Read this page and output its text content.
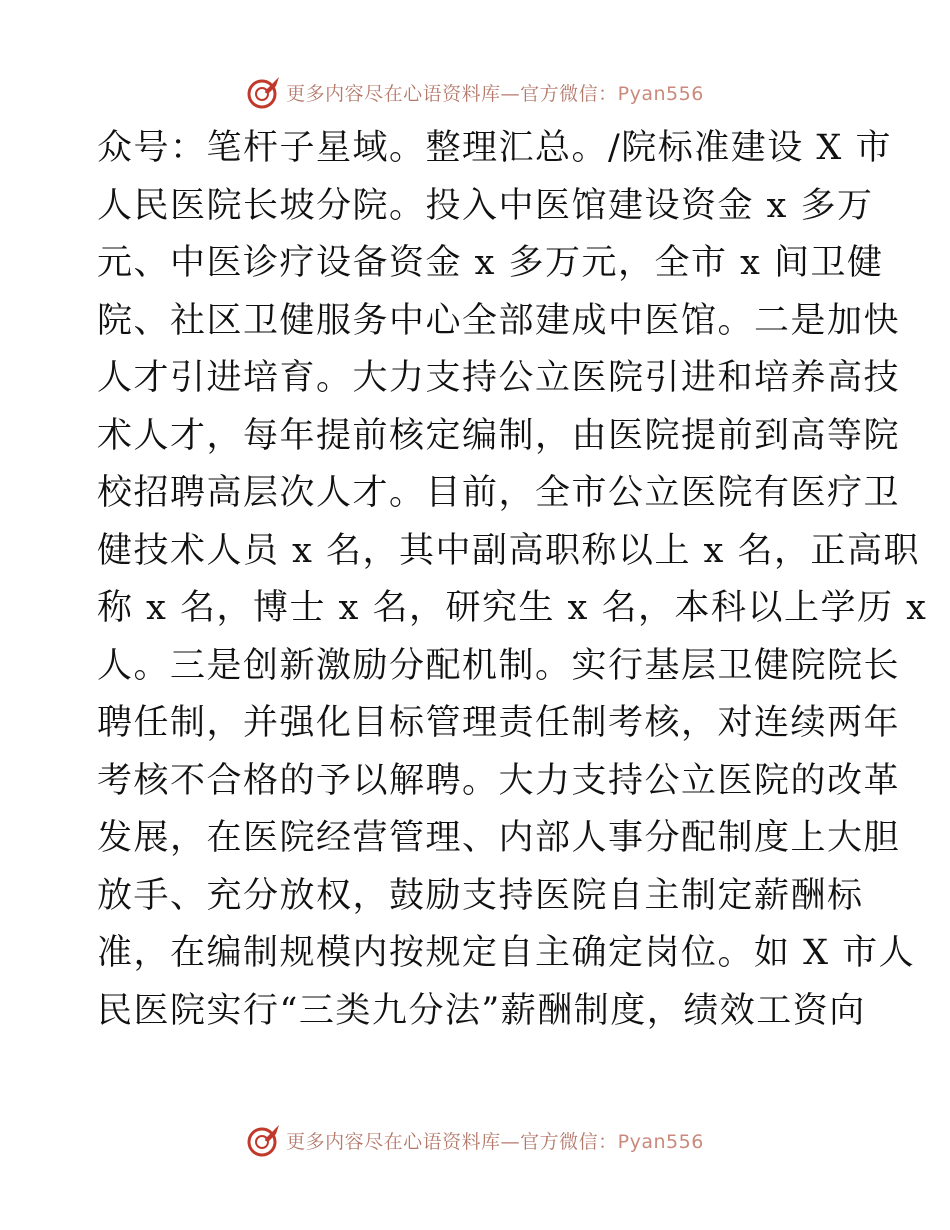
更多内容尽在心语资料库—官方微信：Pyan556
众号：笔杆子星域。整理汇总。/院标准建设 X 市
人民医院长坡分院。投入中医馆建设资金 x 多万
元、中医诊疗设备资金 x 多万元，全市 x 间卫健
院、社区卫健服务中心全部建成中医馆。二是加快
人才引进培育。大力支持公立医院引进和培养高技
术人才，每年提前核定编制，由医院提前到高等院
校招聘高层次人才。目前，全市公立医院有医疗卫
健技术人员 x 名，其中副高职称以上 x 名，正高职
称 x 名，博士 x 名，研究生 x 名，本科以上学历 x
人。三是创新激励分配机制。实行基层卫健院院长
聘任制，并强化目标管理责任制考核，对连续两年
考核不合格的予以解聘。大力支持公立医院的改革
发展，在医院经营管理、内部人事分配制度上大胆
放手、充分放权，鼓励支持医院自主制定薪酬标
准，在编制规模内按规定自主确定岗位。如 X 市人
民医院实行“三类九分法”薪酬制度，绩效工资向
更多内容尽在心语资料库—官方微信：Pyan556
